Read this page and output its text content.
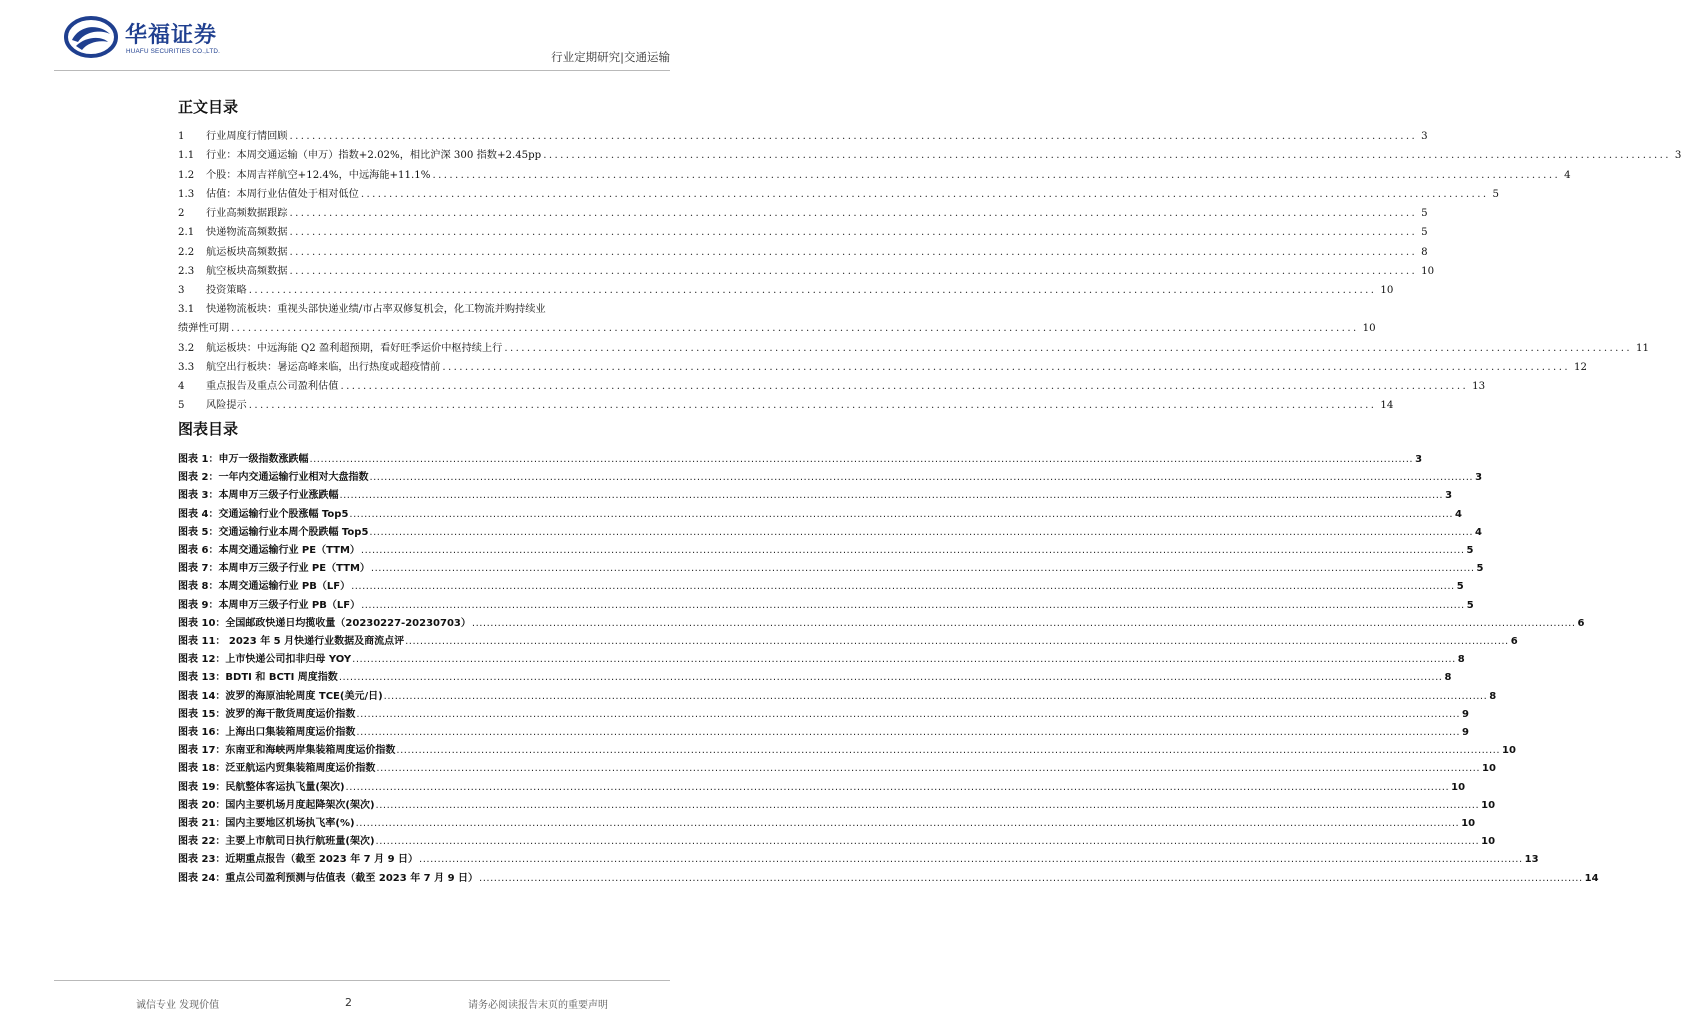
华福证券
HUAFU SECURITIES CO.,LTD.	行业定期研究|交通运输
正文目录
1	行业周度行情回顾 ........................................................................................................................................................................................................ 3
1.1	行业：本周交通运输（申万）指数+2.02%，相比沪深 300 指数+2.45pp ........................................................................................................................................................................................................ 3
1.2	个股：本周吉祥航空+12.4%，中远海能+11.1% ........................................................................................................................................................................................................ 4
1.3	估值：本周行业估值处于相对低位 ........................................................................................................................................................................................................ 5
2	行业高频数据跟踪 ........................................................................................................................................................................................................ 5
2.1	快递物流高频数据 ........................................................................................................................................................................................................ 5
2.2	航运板块高频数据 ........................................................................................................................................................................................................ 8
2.3	航空板块高频数据 ........................................................................................................................................................................................................ 10
3	投资策略 ........................................................................................................................................................................................................ 10
3.1	快递物流板块：重视头部快递业绩/市占率双修复机会，化工物流并购持续业
绩弹性可期 ........................................................................................................................................................................................................ 10
3.2	航运板块：中远海能 Q2 盈利超预期，看好旺季运价中枢持续上行 ........................................................................................................................................................................................................ 11
3.3	航空出行板块：暑运高峰来临，出行热度或超疫情前 ........................................................................................................................................................................................................ 12
4	重点报告及重点公司盈利估值 ........................................................................................................................................................................................................ 13
5	风险提示 ........................................................................................................................................................................................................ 14
图表目录
图表 1：申万一级指数涨跌幅 ............................................................................................................................................................................................................................................................................................................ 3
图表 2：一年内交通运输行业相对大盘指数 ............................................................................................................................................................................................................................................................................................................ 3
图表 3：本周申万三级子行业涨跌幅 ............................................................................................................................................................................................................................................................................................................ 3
图表 4：交通运输行业个股涨幅 Top5 ............................................................................................................................................................................................................................................................................................................ 4
图表 5：交通运输行业本周个股跌幅 Top5 ............................................................................................................................................................................................................................................................................................................ 4
图表 6：本周交通运输行业 PE（TTM） ............................................................................................................................................................................................................................................................................................................ 5
图表 7：本周申万三级子行业 PE（TTM） ............................................................................................................................................................................................................................................................................................................ 5
图表 8：本周交通运输行业 PB（LF） ............................................................................................................................................................................................................................................................................................................ 5
图表 9：本周申万三级子行业 PB（LF） ............................................................................................................................................................................................................................................................................................................ 5
图表 10：全国邮政快递日均揽收量（20230227-20230703） ............................................................................................................................................................................................................................................................................................................ 6
图表 11： 2023 年 5 月快递行业数据及商流点评 ............................................................................................................................................................................................................................................................................................................ 6
图表 12：上市快递公司扣非归母 YOY ............................................................................................................................................................................................................................................................................................................ 8
图表 13：BDTI 和 BCTI 周度指数 ............................................................................................................................................................................................................................................................................................................ 8
图表 14：波罗的海原油轮周度 TCE(美元/日) ............................................................................................................................................................................................................................................................................................................ 8
图表 15：波罗的海干散货周度运价指数 ............................................................................................................................................................................................................................................................................................................ 9
图表 16：上海出口集装箱周度运价指数 ............................................................................................................................................................................................................................................................................................................ 9
图表 17：东南亚和海峡两岸集装箱周度运价指数 ............................................................................................................................................................................................................................................................................................................ 10
图表 18：泛亚航运内贸集装箱周度运价指数 ............................................................................................................................................................................................................................................................................................................ 10
图表 19：民航整体客运执飞量(架次) ............................................................................................................................................................................................................................................................................................................ 10
图表 20：国内主要机场月度起降架次(架次) ............................................................................................................................................................................................................................................................................................................ 10
图表 21：国内主要地区机场执飞率(%) ............................................................................................................................................................................................................................................................................................................ 10
图表 22：主要上市航司日执行航班量(架次) ............................................................................................................................................................................................................................................................................................................ 10
图表 23：近期重点报告（截至 2023 年 7 月 9 日） ............................................................................................................................................................................................................................................................................................................ 13
图表 24：重点公司盈利预测与估值表（截至 2023 年 7 月 9 日） ............................................................................................................................................................................................................................................................................................................ 14
诚信专业 发现价值	2	请务必阅读报告末页的重要声明
